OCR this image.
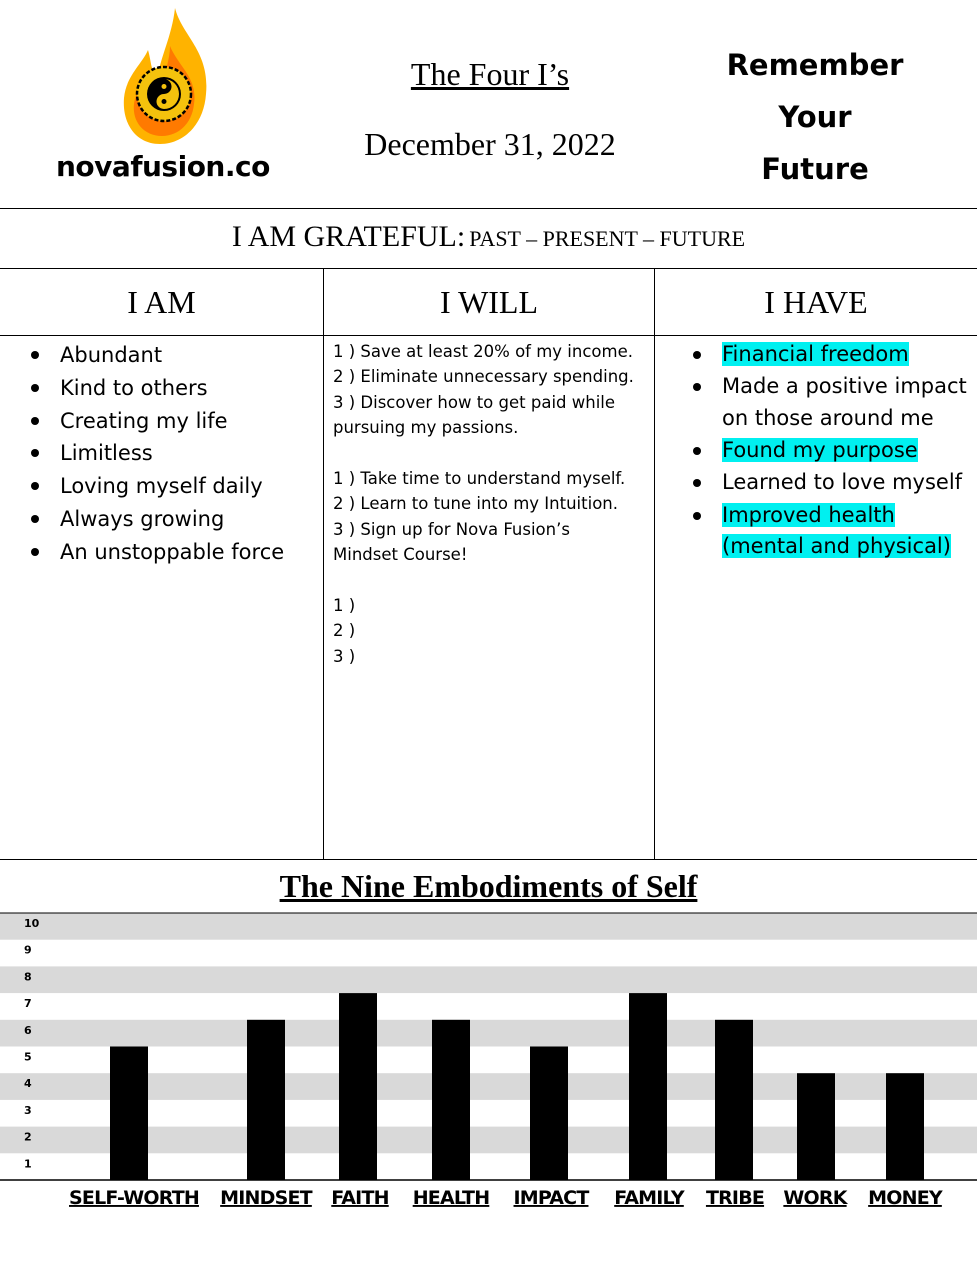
novafusion.co
The Four I’s
December 31, 2022
Remember
Your
Future
I AM GRATEFUL: PAST – PRESENT – FUTURE
I AM	I WILL	I HAVE
Abundant
Kind to others
Creating my life
Limitless
Loving myself daily
Always growing
An unstoppable force
1 ) Save at least 20% of my income.
2 ) Eliminate unnecessary spending.
3 ) Discover how to get paid while
pursuing my passions.
1 ) Take time to understand myself.
2 ) Learn to tune into my Intuition.
3 ) Sign up for Nova Fusion’s
Mindset Course!
1 )
2 )
3 )
Financial freedom
Made a positive impact
on those around me
Found my purpose
Learned to love myself
Improved health
(mental and physical)
The Nine Embodiments of Self
1
2
3
4
5
6
7
8
9
10
SELF-WORTH MINDSET FAITH HEALTH IMPACT FAMILY TRIBE WORK MONEY
